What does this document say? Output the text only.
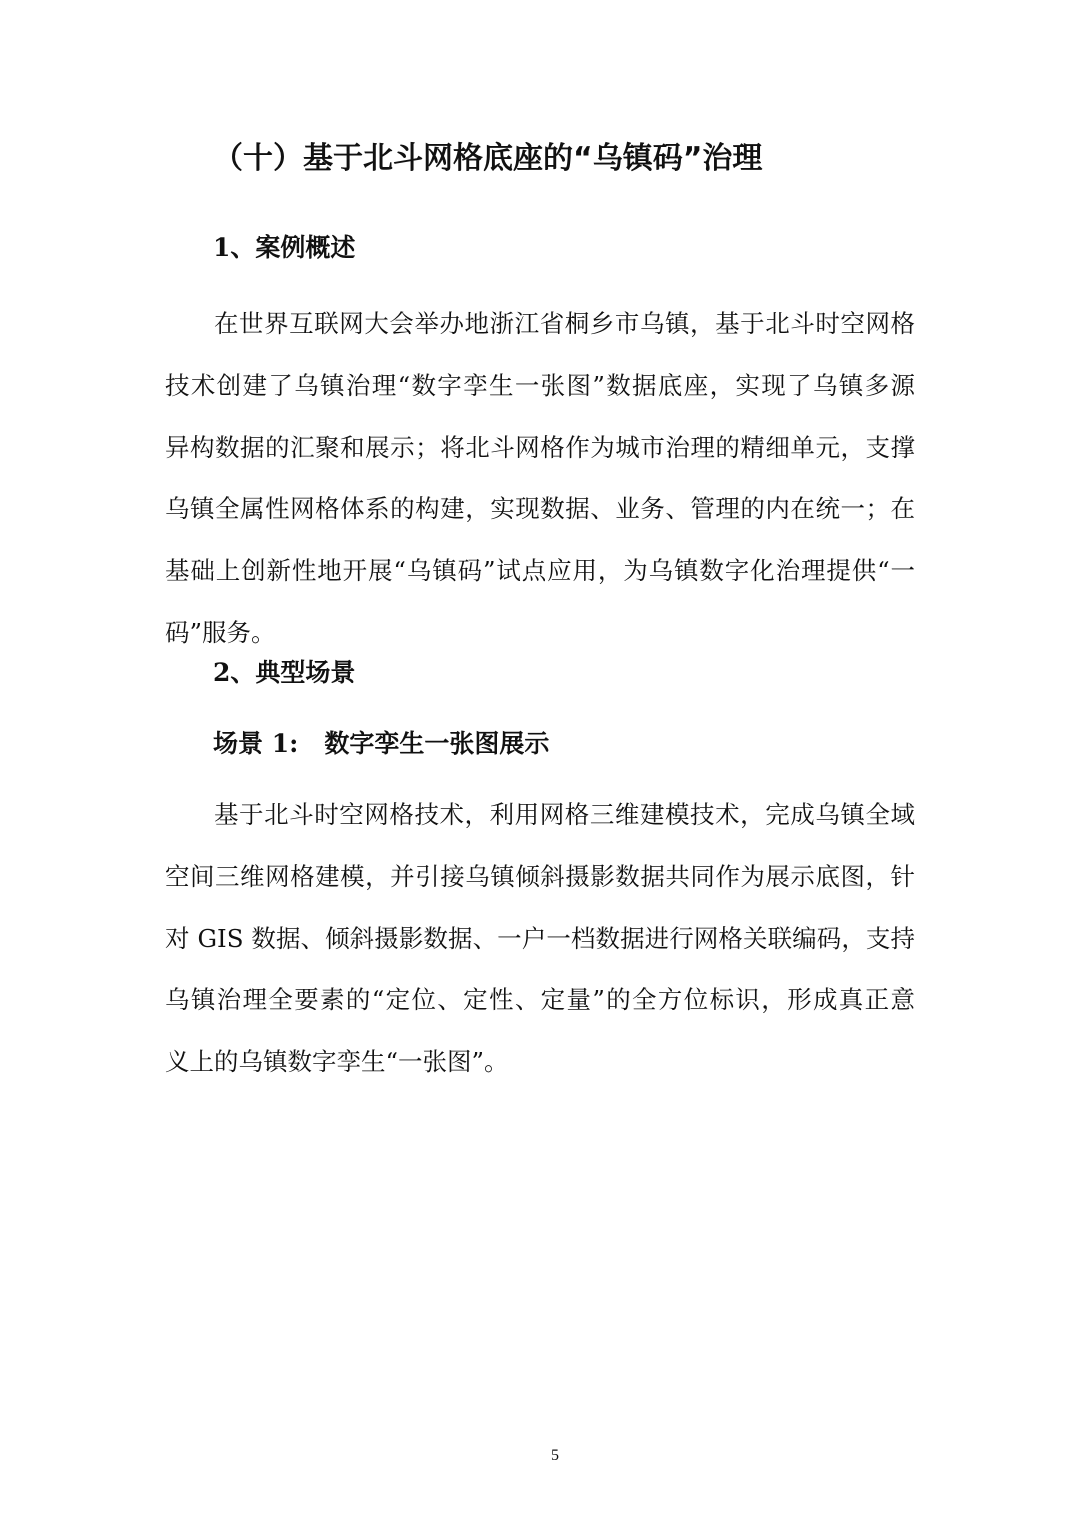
（十）基于北斗网格底座的“乌镇码”治理
1、案例概述

在世界互联网大会举办地浙江省桐乡市乌镇，基于北斗时空网格
技术创建了乌镇治理“数字孪生一张图”数据底座，实现了乌镇多源
异构数据的汇聚和展示；将北斗网格作为城市治理的精细单元，支撑
乌镇全属性网格体系的构建，实现数据、业务、管理的内在统一；在
基础上创新性地开展“乌镇码”试点应用，为乌镇数字化治理提供“一
码”服务。

2、典型场景
场景 1: 数字孪生一张图展示

基于北斗时空网格技术，利用网格三维建模技术，完成乌镇全域
空间三维网格建模，并引接乌镇倾斜摄影数据共同作为展示底图，针
对 GIS 数据、倾斜摄影数据、一户一档数据进行网格关联编码，支持
乌镇治理全要素的“定位、定性、定量”的全方位标识，形成真正意
义上的乌镇数字孪生“一张图”。

5
